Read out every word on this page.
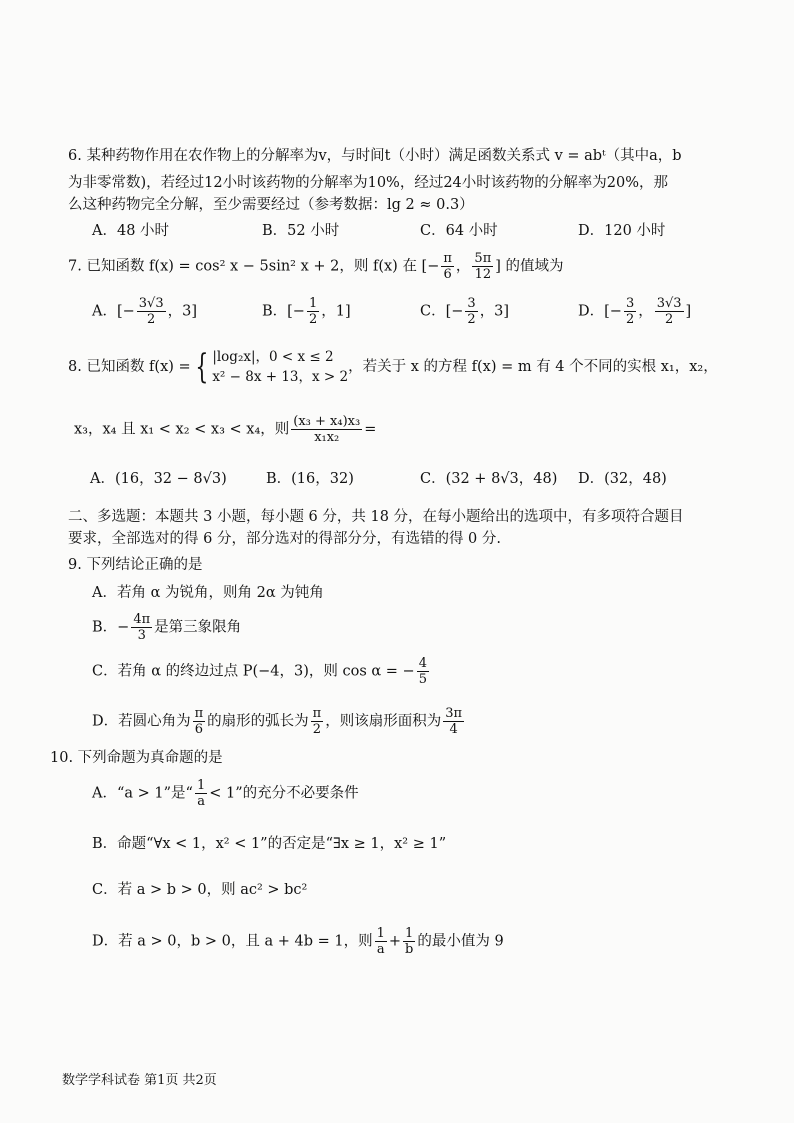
6. 某种药物作用在农作物上的分解率为v，与时间t（小时）满足函数关系式 v = abᵗ（其中a，b
为非零常数)，若经过12小时该药物的分解率为10%，经过24小时该药物的分解率为20%，那
么这种药物完全分解，至少需要经过（参考数据：lg 2 ≈ 0.3）
A．48 小时	B．52 小时	C．64 小时	D．120 小时
7. 已知函数 f(x) = cos² x − 5sin² x + 2，则 f(x) 在 [− $\frac{\pi}{6}$ ， $\frac{5\pi}{12}$ ] 的值域为
A．[− $\frac{3√3}{2}$ ，3]	B．[− $\frac{1}{2}$ ，1]	C．[− $\frac{3}{2}$ ，3]	D．[− $\frac{3}{2}$ ， $\frac{3√3}{2}$ ]
8. 已知函数 f(x) = { |log₂x|，0 < x ≤ 2
x² − 8x + 13，x > 2
，若关于 x 的方程 f(x) = m 有 4 个不同的实根 x₁，x₂，
x₃，x₄ 且 x₁ < x₂ < x₃ < x₄，则 $\frac{\text{(x₃ + x₄)x₃}}{\text{x₁x₂}}$ =
A．(16，32 − 8√3)	B．(16，32)	C．(32 + 8√3，48) D．(32，48)
二、多选题：本题共 3 小题，每小题 6 分，共 18 分，在每小题给出的选项中，有多项符合题目
要求，全部选对的得 6 分，部分选对的得部分分，有选错的得 0 分.
9. 下列结论正确的是
A．若角 α 为锐角，则角 2α 为钝角
B．− $\frac{4\pi}{3}$ 是第三象限角
C．若角 α 的终边过点 P(−4，3)，则 cos α = − $\frac{4}{5}$
D．若圆心角为 $\frac{\pi}{6}$ 的扇形的弧长为 $\frac{\pi}{2}$ ，则该扇形面积为 $\frac{3\pi}{4}$
10. 下列命题为真命题的是
A．“a > 1”是“ $\frac{1}{a} < 1$”的充分不必要条件
B．命题“∀x < 1，x² < 1”的否定是“∃x ≥ 1，x² ≥ 1”
C．若 a > b > 0，则 ac² > bc²
D．若 a > 0，b > 0，且 a + 4b = 1，则 $\frac{1}{a} + \frac{1}{b}$ 的最小值为 9
数学学科试卷 第1页 共2页
